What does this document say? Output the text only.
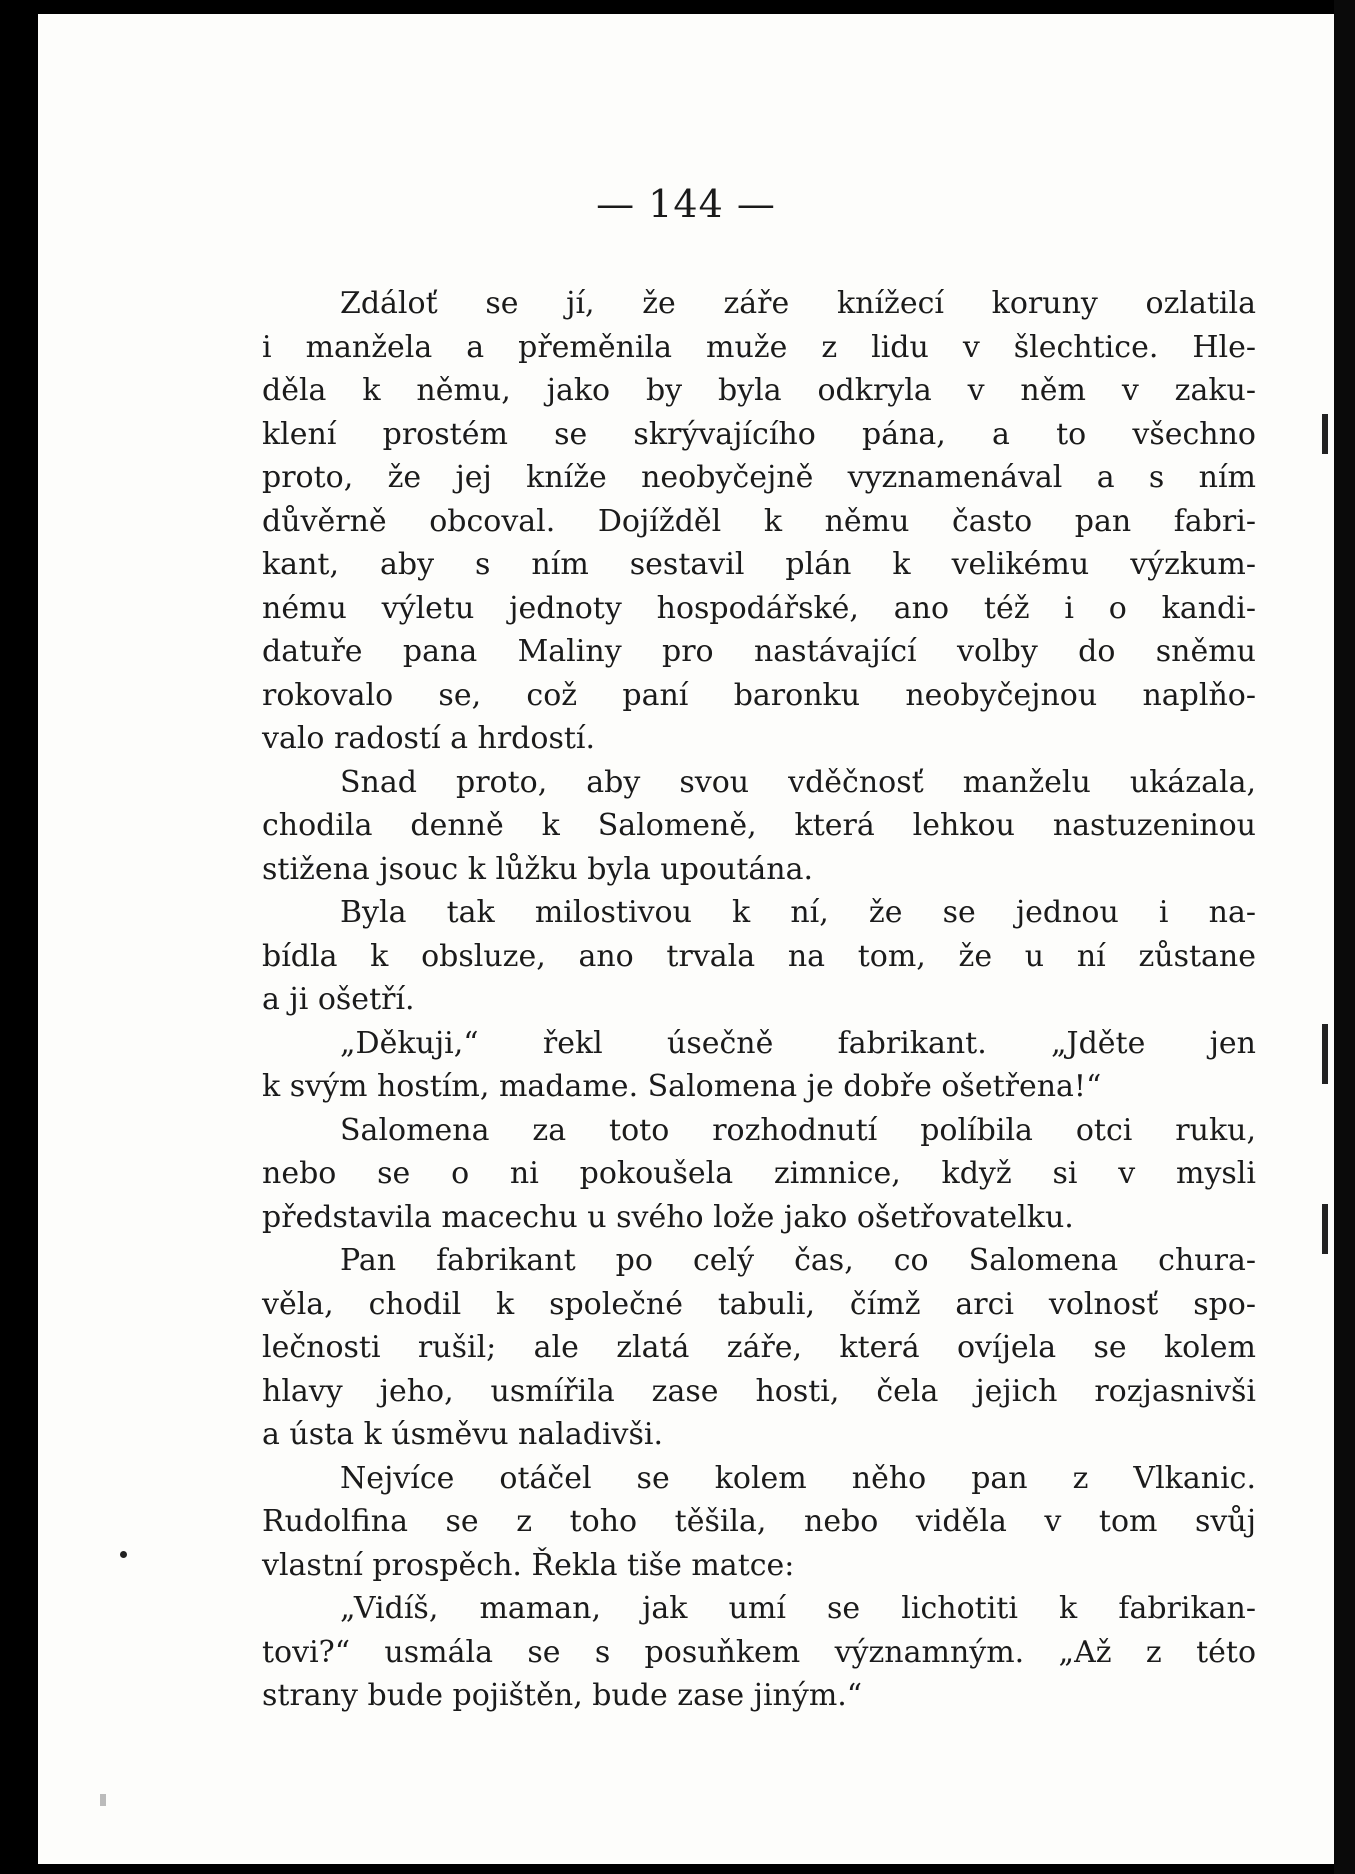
— 144 —

Zdáloť se jí, že záře knížecí koruny ozlatila
i manžela a přeměnila muže z lidu v šlechtice. Hle-
děla k němu, jako by byla odkryla v něm v zaku-
klení prostém se skrývajícího pána, a to všechno
proto, že jej kníže neobyčejně vyznamenával a s ním
důvěrně obcoval. Dojížděl k němu často pan fabri-
kant, aby s ním sestavil plán k velikému výzkum-
nému výletu jednoty hospodářské, ano též i o kandi-
datuře pana Maliny pro nastávající volby do sněmu
rokovalo se, což paní baronku neobyčejnou naplňo-
valo radostí a hrdostí.
Snad proto, aby svou vděčnosť manželu ukázala,
chodila denně k Salomeně, která lehkou nastuzeninou
stižena jsouc k lůžku byla upoutána.
Byla tak milostivou k ní, že se jednou i na-
bídla k obsluze, ano trvala na tom, že u ní zůstane
a ji ošetří.
„Děkuji,“ řekl úsečně fabrikant. „Jděte jen
k svým hostím, madame. Salomena je dobře ošetřena!“
Salomena za toto rozhodnutí políbila otci ruku,
nebo se o ni pokoušela zimnice, když si v mysli
představila macechu u svého lože jako ošetřovatelku.
Pan fabrikant po celý čas, co Salomena chura-
věla, chodil k společné tabuli, čímž arci volnosť spo-
lečnosti rušil; ale zlatá záře, která ovíjela se kolem
hlavy jeho, usmířila zase hosti, čela jejich rozjasnivši
a ústa k úsměvu naladivši.
Nejvíce otáčel se kolem něho pan z Vlkanic.
Rudolfina se z toho těšila, nebo viděla v tom svůj
vlastní prospěch. Řekla tiše matce:
„Vidíš, maman, jak umí se lichotiti k fabrikan-
tovi?“ usmála se s posuňkem významným. „Až z této
strany bude pojištěn, bude zase jiným.“
